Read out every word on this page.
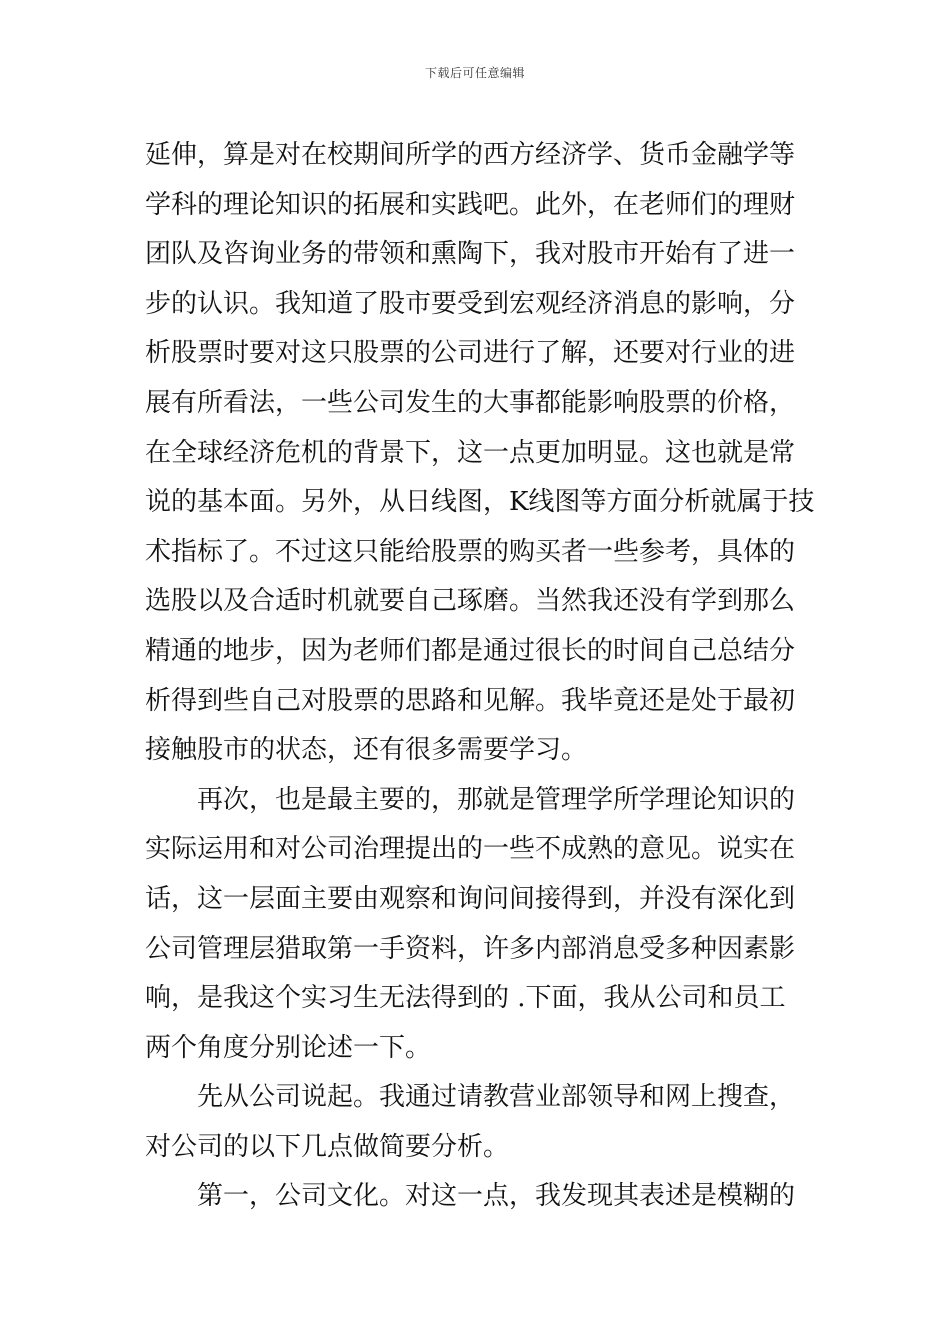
下载后可任意编辑
延伸，算是对在校期间所学的西方经济学、货币金融学等
学科的理论知识的拓展和实践吧。此外，在老师们的理财
团队及咨询业务的带领和熏陶下，我对股市开始有了进一
步的认识。我知道了股市要受到宏观经济消息的影响，分
析股票时要对这只股票的公司进行了解，还要对行业的进
展有所看法，一些公司发生的大事都能影响股票的价格，
在全球经济危机的背景下，这一点更加明显。这也就是常
说的基本面。另外，从日线图，K线图等方面分析就属于技
术指标了。不过这只能给股票的购买者一些参考，具体的
选股以及合适时机就要自己琢磨。当然我还没有学到那么
精通的地步，因为老师们都是通过很长的时间自己总结分
析得到些自己对股票的思路和见解。我毕竟还是处于最初
接触股市的状态，还有很多需要学习。
再次，也是最主要的，那就是管理学所学理论知识的
实际运用和对公司治理提出的一些不成熟的意见。说实在
话，这一层面主要由观察和询问间接得到，并没有深化到
公司管理层猎取第一手资料，许多内部消息受多种因素影
响，是我这个实习生无法得到的 .下面，我从公司和员工
两个角度分别论述一下。
先从公司说起。我通过请教营业部领导和网上搜查，
对公司的以下几点做简要分析。
第一，公司文化。对这一点，我发现其表述是模糊的
